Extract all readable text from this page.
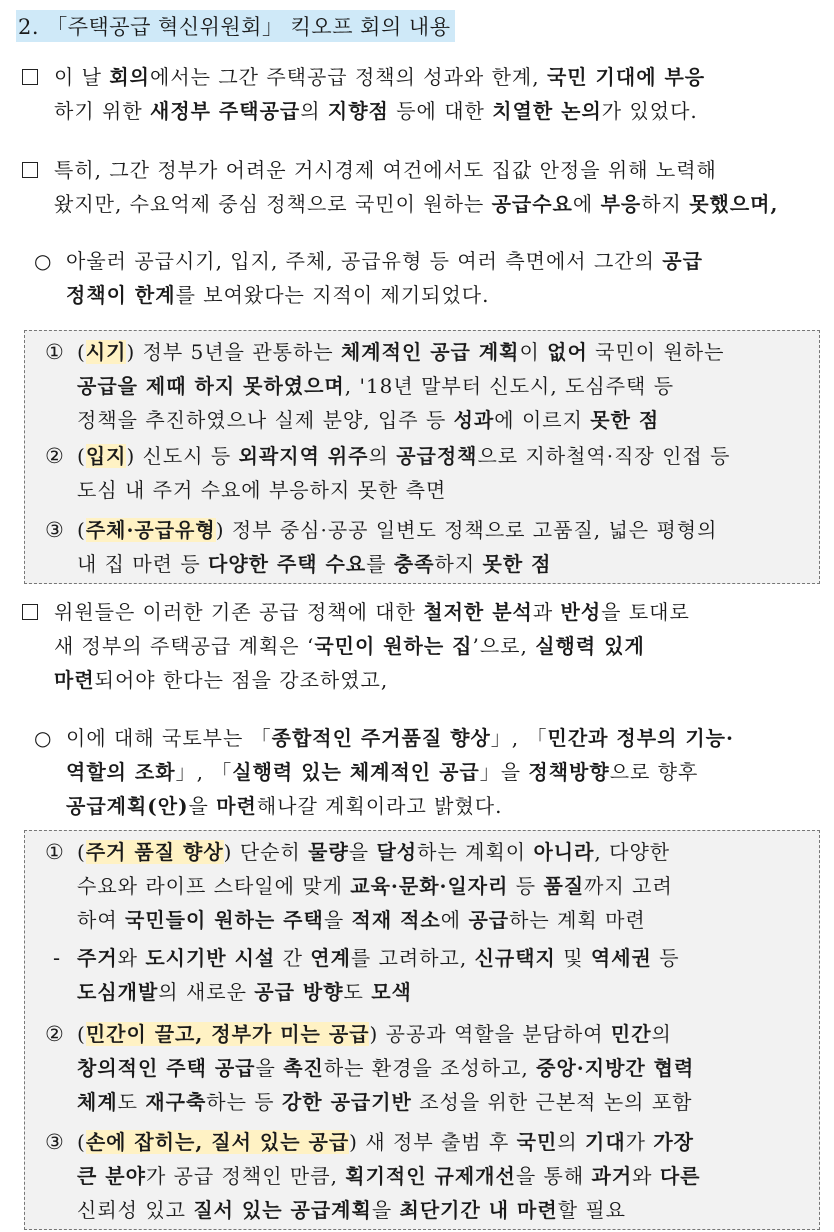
2. 「주택공급 혁신위원회」 킥오프 회의 내용
이 날 회의에서는 그간 주택공급 정책의 성과와 한계, 국민 기대에 부응
하기 위한 새정부 주택공급의 지향점 등에 대한 치열한 논의가 있었다.
특히, 그간 정부가 어려운 거시경제 여건에서도 집값 안정을 위해 노력해
왔지만, 수요억제 중심 정책으로 국민이 원하는 공급수요에 부응하지 못했으며,
○ 아울러 공급시기, 입지, 주체, 공급유형 등 여러 측면에서 그간의 공급
정책이 한계를 보여왔다는 지적이 제기되었다.
① (시기) 정부 5년을 관통하는 체계적인 공급 계획이 없어 국민이 원하는
공급을 제때 하지 못하였으며, '18년 말부터 신도시, 도심주택 등
정책을 추진하였으나 실제 분양, 입주 등 성과에 이르지 못한 점
② (입지) 신도시 등 외곽지역 위주의 공급정책으로 지하철역·직장 인접 등
도심 내 주거 수요에 부응하지 못한 측면
③ (주체·공급유형) 정부 중심·공공 일변도 정책으로 고품질, 넓은 평형의
내 집 마련 등 다양한 주택 수요를 충족하지 못한 점
위원들은 이러한 기존 공급 정책에 대한 철저한 분석과 반성을 토대로
새 정부의 주택공급 계획은 ‘국민이 원하는 집’으로, 실행력 있게
마련되어야 한다는 점을 강조하였고,
○ 이에 대해 국토부는 「종합적인 주거품질 향상」, 「민간과 정부의 기능·
역할의 조화」, 「실행력 있는 체계적인 공급」을 정책방향으로 향후
공급계획(안)을 마련해나갈 계획이라고 밝혔다.
① (주거 품질 향상) 단순히 물량을 달성하는 계획이 아니라, 다양한
수요와 라이프 스타일에 맞게 교육·문화·일자리 등 품질까지 고려
하여 국민들이 원하는 주택을 적재 적소에 공급하는 계획 마련
- 주거와 도시기반 시설 간 연계를 고려하고, 신규택지 및 역세권 등
도심개발의 새로운 공급 방향도 모색
② (민간이 끌고, 정부가 미는 공급) 공공과 역할을 분담하여 민간의
창의적인 주택 공급을 촉진하는 환경을 조성하고, 중앙·지방간 협력
체계도 재구축하는 등 강한 공급기반 조성을 위한 근본적 논의 포함
③ (손에 잡히는, 질서 있는 공급) 새 정부 출범 후 국민의 기대가 가장
큰 분야가 공급 정책인 만큼, 획기적인 규제개선을 통해 과거와 다른
신뢰성 있고 질서 있는 공급계획을 최단기간 내 마련할 필요
